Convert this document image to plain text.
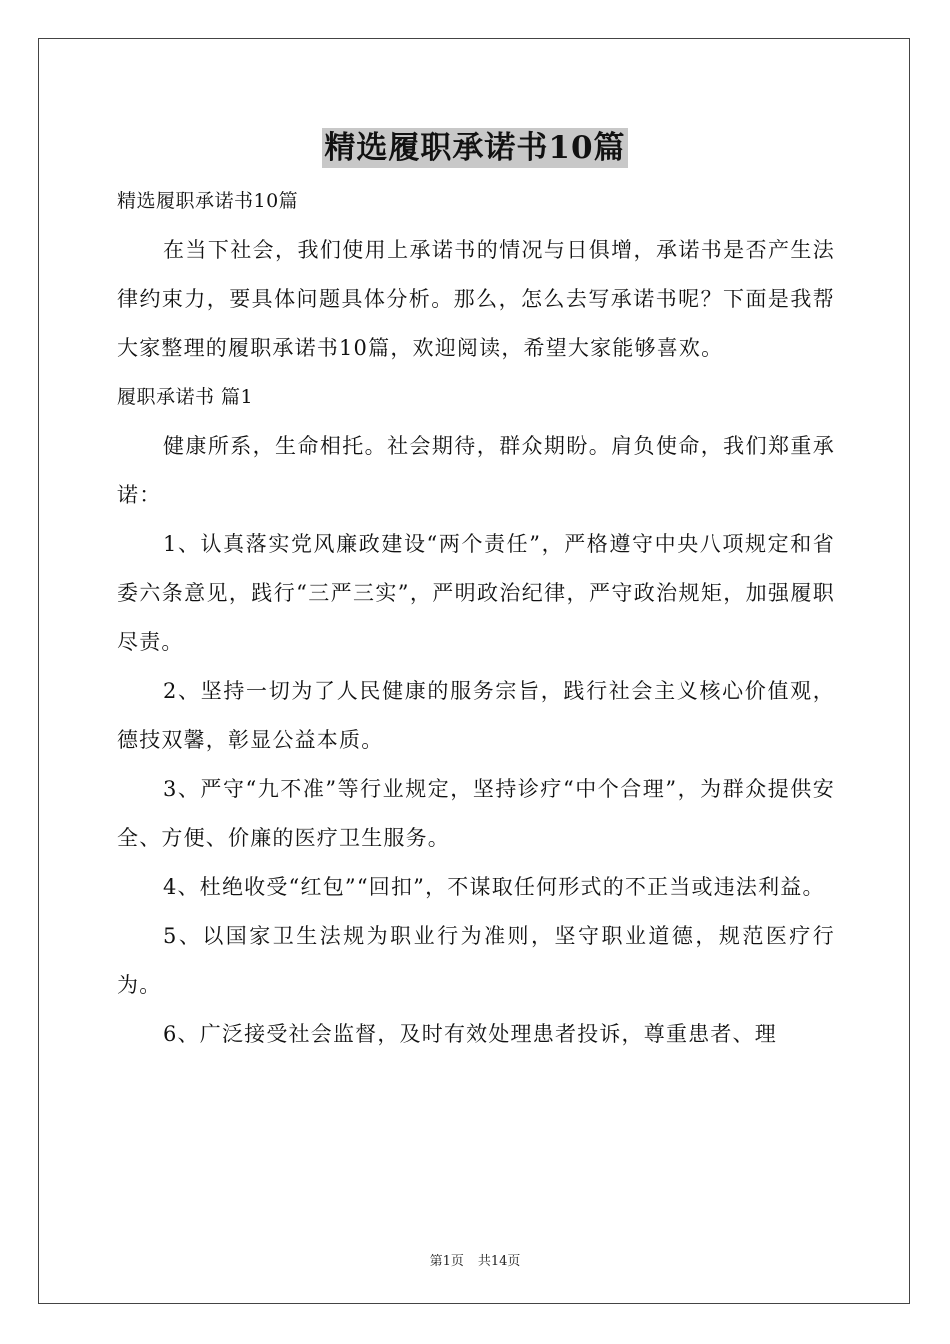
精选履职承诺书10篇

精选履职承诺书10篇

在当下社会，我们使用上承诺书的情况与日俱增，承诺书是否产生法律约束力，要具体问题具体分析。那么，怎么去写承诺书呢？下面是我帮大家整理的履职承诺书10篇，欢迎阅读，希望大家能够喜欢。

履职承诺书 篇1

健康所系，生命相托。社会期待，群众期盼。肩负使命，我们郑重承诺：

1、认真落实党风廉政建设“两个责任”，严格遵守中央八项规定和省委六条意见，践行“三严三实”，严明政治纪律，严守政治规矩，加强履职尽责。

2、坚持一切为了人民健康的服务宗旨，践行社会主义核心价值观，德技双馨，彰显公益本质。

3、严守“九不准”等行业规定，坚持诊疗“中个合理”，为群众提供安全、方便、价廉的医疗卫生服务。

4、杜绝收受“红包”“回扣”，不谋取任何形式的不正当或违法利益。

5、以国家卫生法规为职业行为准则，坚守职业道德，规范医疗行为。

6、广泛接受社会监督，及时有效处理患者投诉，尊重患者、理

第1页 共14页
